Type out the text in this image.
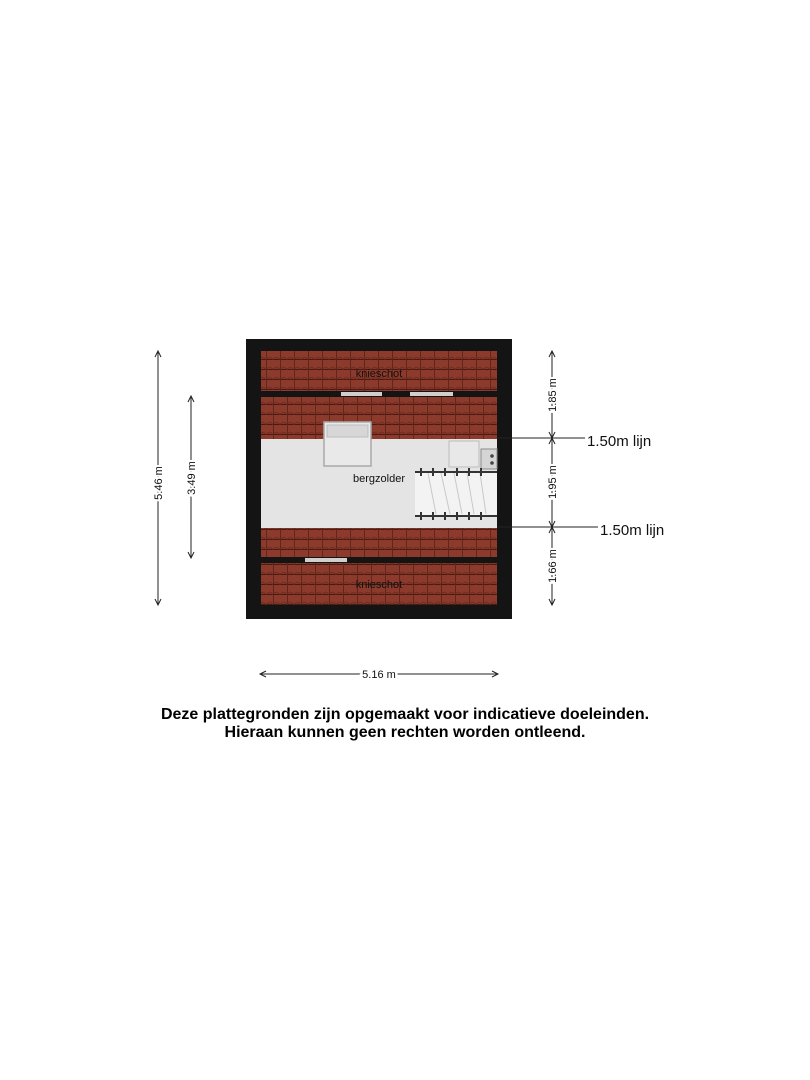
knieschot
bergzolder
knieschot
1.50m lijn
1.50m lijn
5.46 m 3.49 m
1.85 m
1.95 m
1.66 m
5.16 m
Deze plattegronden zijn opgemaakt voor indicatieve doeleinden.
Hieraan kunnen geen rechten worden ontleend.
